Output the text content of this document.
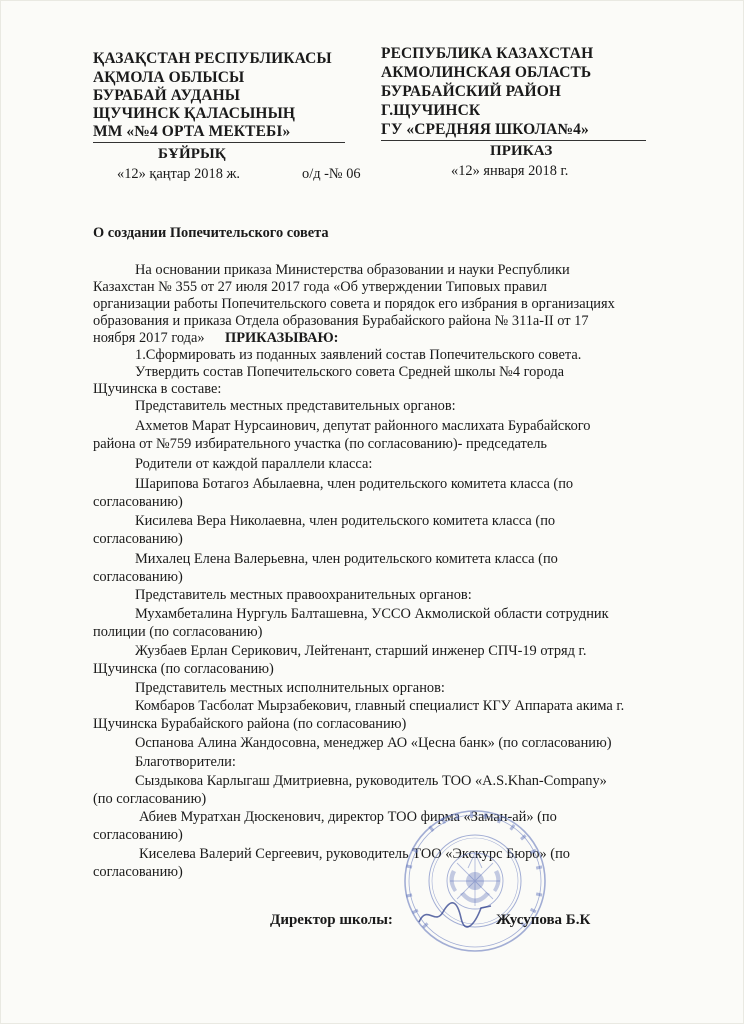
ҚАЗАҚСТАН РЕСПУБЛИКАСЫ
АҚМОЛА ОБЛЫСЫ
БУРАБАЙ АУДАНЫ
ЩУЧИНСК ҚАЛАСЫНЫҢ
ММ «№4 ОРТА МЕКТЕБІ»
РЕСПУБЛИКА КАЗАХСТАН
АКМОЛИНСКАЯ ОБЛАСТЬ
БУРАБАЙСКИЙ РАЙОН
Г.ЩУЧИНСК
ГУ «СРЕДНЯЯ ШКОЛА№4»
БҰЙРЫҚ	ПРИКАЗ
«12» қаңтар 2018 ж.	о/д -№ 06	«12» января 2018 г.
О создании Попечительского совета
На основании приказа Министерства образовании и науки Республики
Казахстан № 355 от 27 июля 2017 года «Об утверждении Типовых правил
организации работы Попечительского совета и порядок его избрания в организациях
образования и приказа Отдела образования Бурабайского района № 311а-II от 17
ноября 2017 года» ПРИКАЗЫВАЮ:
1.Сформировать из поданных заявлений состав Попечительского совета.
Утвердить состав Попечительского совета Средней школы №4 города
Щучинска в составе:
Представитель местных представительных органов:
Ахметов Марат Нурсаинович, депутат районного маслихата Бурабайского
района от №759 избирательного участка (по согласованию)- председатель
Родители от каждой параллели класса:
Шарипова Ботагоз Абылаевна, член родительского комитета класса (по
согласованию)
Кисилева Вера Николаевна, член родительского комитета класса (по
согласованию)
Михалец Елена Валерьевна, член родительского комитета класса (по
согласованию)
Представитель местных правоохранительных органов:
Мухамбеталина Нургуль Балташевна, УССО Акмолиской области сотрудник
полиции (по согласованию)
Жузбаев Ерлан Серикович, Лейтенант, старший инженер СПЧ-19 отряд г.
Щучинска (по согласованию)
Представитель местных исполнительных органов:
Комбаров Тасболат Мырзабекович, главный специалист КГУ Аппарата акима г.
Щучинска Бурабайского района (по согласованию)
Оспанова Алина Жандосовна, менеджер АО «Цесна банк» (по согласованию)
Благотворители:
Сыздыкова Карлыгаш Дмитриевна, руководитель ТОО «A.S.Khan-Company»
(по согласованию)
Абиев Муратхан Дюскенович, директор ТОО фирма «Заман-ай» (по
согласованию)
Киселева Валерий Сергеевич, руководитель ТОО «Экскурс Бюро» (по
согласованию)
Директор школы:	Жусупова Б.К
